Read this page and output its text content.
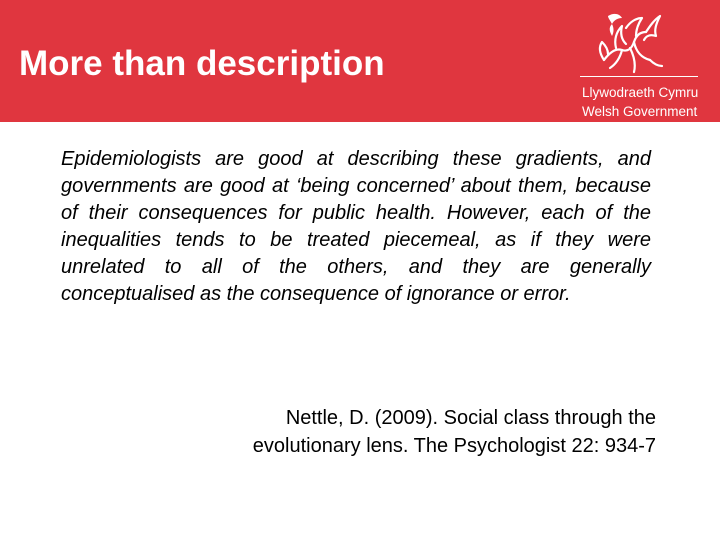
More than description
Llywodraeth Cymru
Welsh Government

Epidemiologists are good at describing these gradients, and governments are good at ‘being concerned’ about them, because of their consequences for public health. However, each of the inequalities tends to be treated piecemeal, as if they were unrelated to all of the others, and they are generally conceptualised as the consequence of ignorance or error.

Nettle, D. (2009). Social class through the
evolutionary lens. The Psychologist 22: 934-7
